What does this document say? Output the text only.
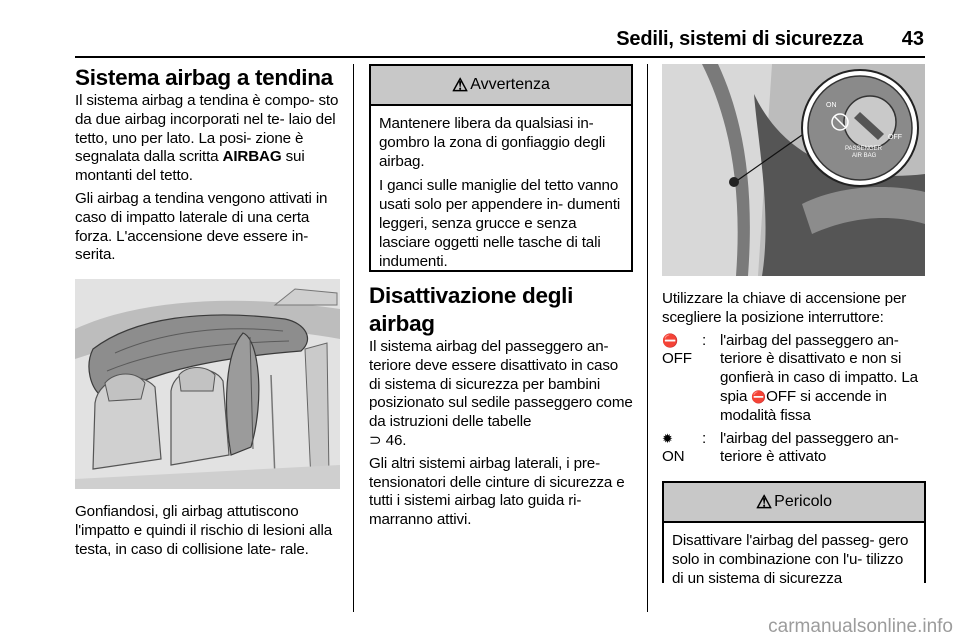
Sedili, sistemi di sicurezza 43
Sistema airbag a tendina

Il sistema airbag a tendina è compo- sto da due airbag incorporati nel te- laio del tetto, uno per lato. La posi- zione è segnalata dalla scritta AIRBAG sui montanti del tetto.

Gli airbag a tendina vengono attivati in caso di impatto laterale di una certa forza. L'accensione deve essere in- serita.

Gonfiandosi, gli airbag attutiscono l'impatto e quindi il rischio di lesioni alla testa, in caso di collisione late- rale.

⚠ Avvertenza

Mantenere libera da qualsiasi in- gombro la zona di gonfiaggio degli airbag.

I ganci sulle maniglie del tetto vanno usati solo per appendere in- dumenti leggeri, senza grucce e senza lasciare oggetti nelle tasche di tali indumenti.

Disattivazione degli airbag

Il sistema airbag del passeggero an- teriore deve essere disattivato in caso di sistema di sicurezza per bambini posizionato sul sedile passeggero come da istruzioni delle tabelle
⊃ 46.

Gli altri sistemi airbag laterali, i pre- tensionatori delle cinture di sicurezza e tutti i sistemi airbag lato guida ri- marranno attivi.

ON
OFF
PASSENGER
AIR BAG

Utilizzare la chiave di accensione per scegliere la posizione interruttore:

⛔
OFF
: l'airbag del passeggero an- teriore è disattivato e non si gonfierà in caso di impatto. La spia ⛔OFF si accende in modalità fissa
✹
ON
: l'airbag del passeggero an- teriore è attivato
⚠ Pericolo

Disattivare l'airbag del passeg- gero solo in combinazione con l'u- tilizzo di un sistema di sicurezza

carmanualsonline.info
